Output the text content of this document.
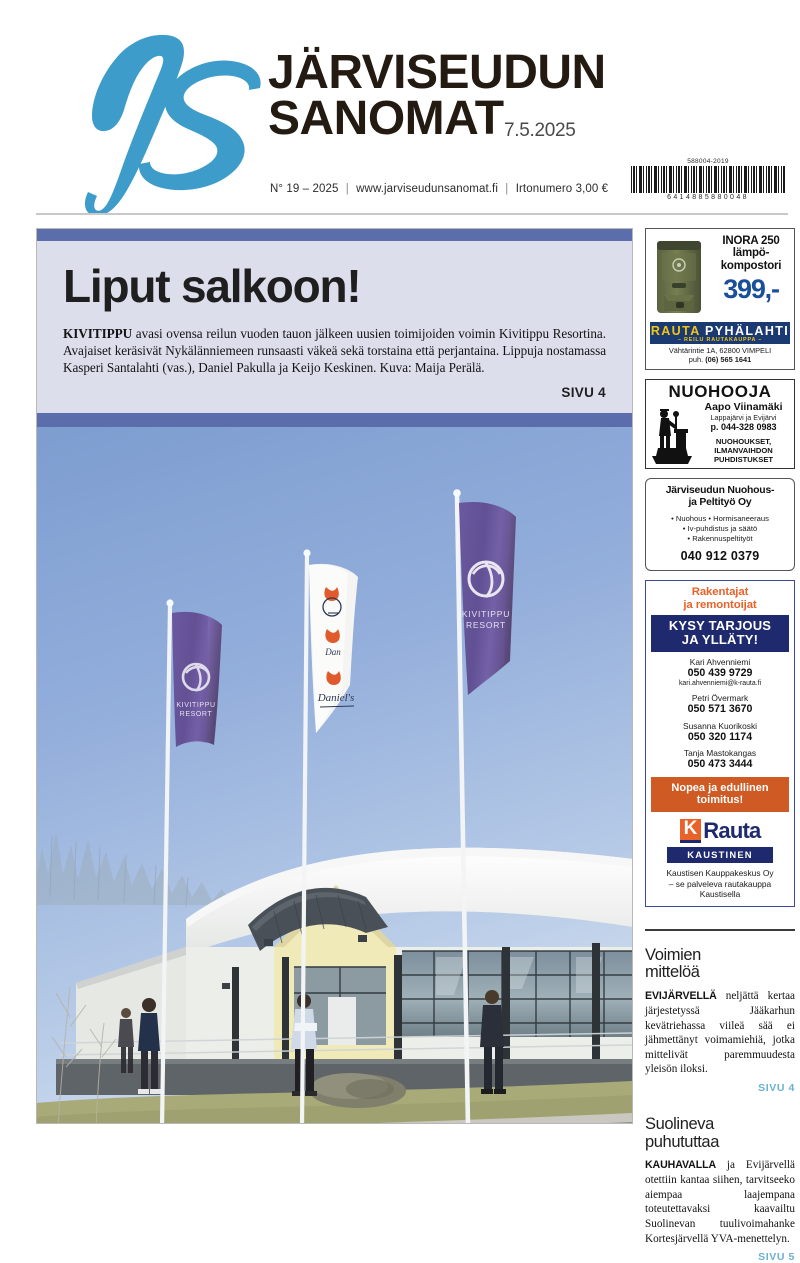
JÄRVISEUDUN
SANOMAT 7.5.2025
N° 19 – 2025 | www.jarviseudunsanomat.fi | Irtonumero 3,00 €
588004-2019
6414885880048
Liput salkoon!

KIVITIPPU avasi ovensa reilun vuoden tauon jälkeen uusien toimijoiden voimin Kivitippu Resortina. Avajaiset keräsivät Nykälänniemeen runsaasti väkeä sekä torstaina että perjantaina. Lippuja nostamassa Kasperi Santalahti (vas.), Daniel Pakulla ja Keijo Keskinen. Kuva: Maija Perälä.

SIVU 4
KIVITIPPU
RESORT
Dan
Daniel's
KIVITIPPU
RESORT
INORA 250
lämpö-
kompostori
399,-
RAUTA PYHÄLAHTI
– REILU RAUTAKAUPPA –
Vähtärintie 1A, 62800 VIMPELI
puh. (06) 565 1641
NUOHOOJA
Aapo Viinamäki
Lappajärvi ja Evijärvi
p. 044-328 0983
NUOHOUKSET,
ILMANVAIHDON
PUHDISTUKSET
Järviseudun Nuohous-
ja Peltityö Oy
• Nuohous • Hormisaneeraus
• Iv-puhdistus ja säätö
• Rakennuspeltityöt
040 912 0379
Rakentajat
ja remontoijat
KYSY TARJOUS
JA YLLÄTY!
Kari Ahvenniemi
050 439 9729
kari.ahvenniemi@k-rauta.fi
Petri Övermark
050 571 3670
Susanna Kuorikoski
050 320 1174
Tanja Mastokangas
050 473 3444
Nopea ja edullinen
toimitus!
K Rauta
KAUSTINEN
Kaustisen Kauppakeskus Oy
– se palveleva rautakauppa
Kaustisella
Voimien
mittelöä

EVIJÄRVELLÄ neljättä kertaa järjestetyssä Jääkarhun kevätriehassa viileä sää ei jähmettänyt voimamiehiä, jotka mittelivät paremmuudesta yleisön iloksi.

SIVU 4
Suolineva
puhututtaa

KAUHAVALLA ja Evijärvellä otettiin kantaa siihen, tarvitseeko aiempaa laajempana toteutettavaksi kaavailtu Suolinevan tuulivoimahanke Kortesjärvellä YVA-menettelyn.

SIVU 5
